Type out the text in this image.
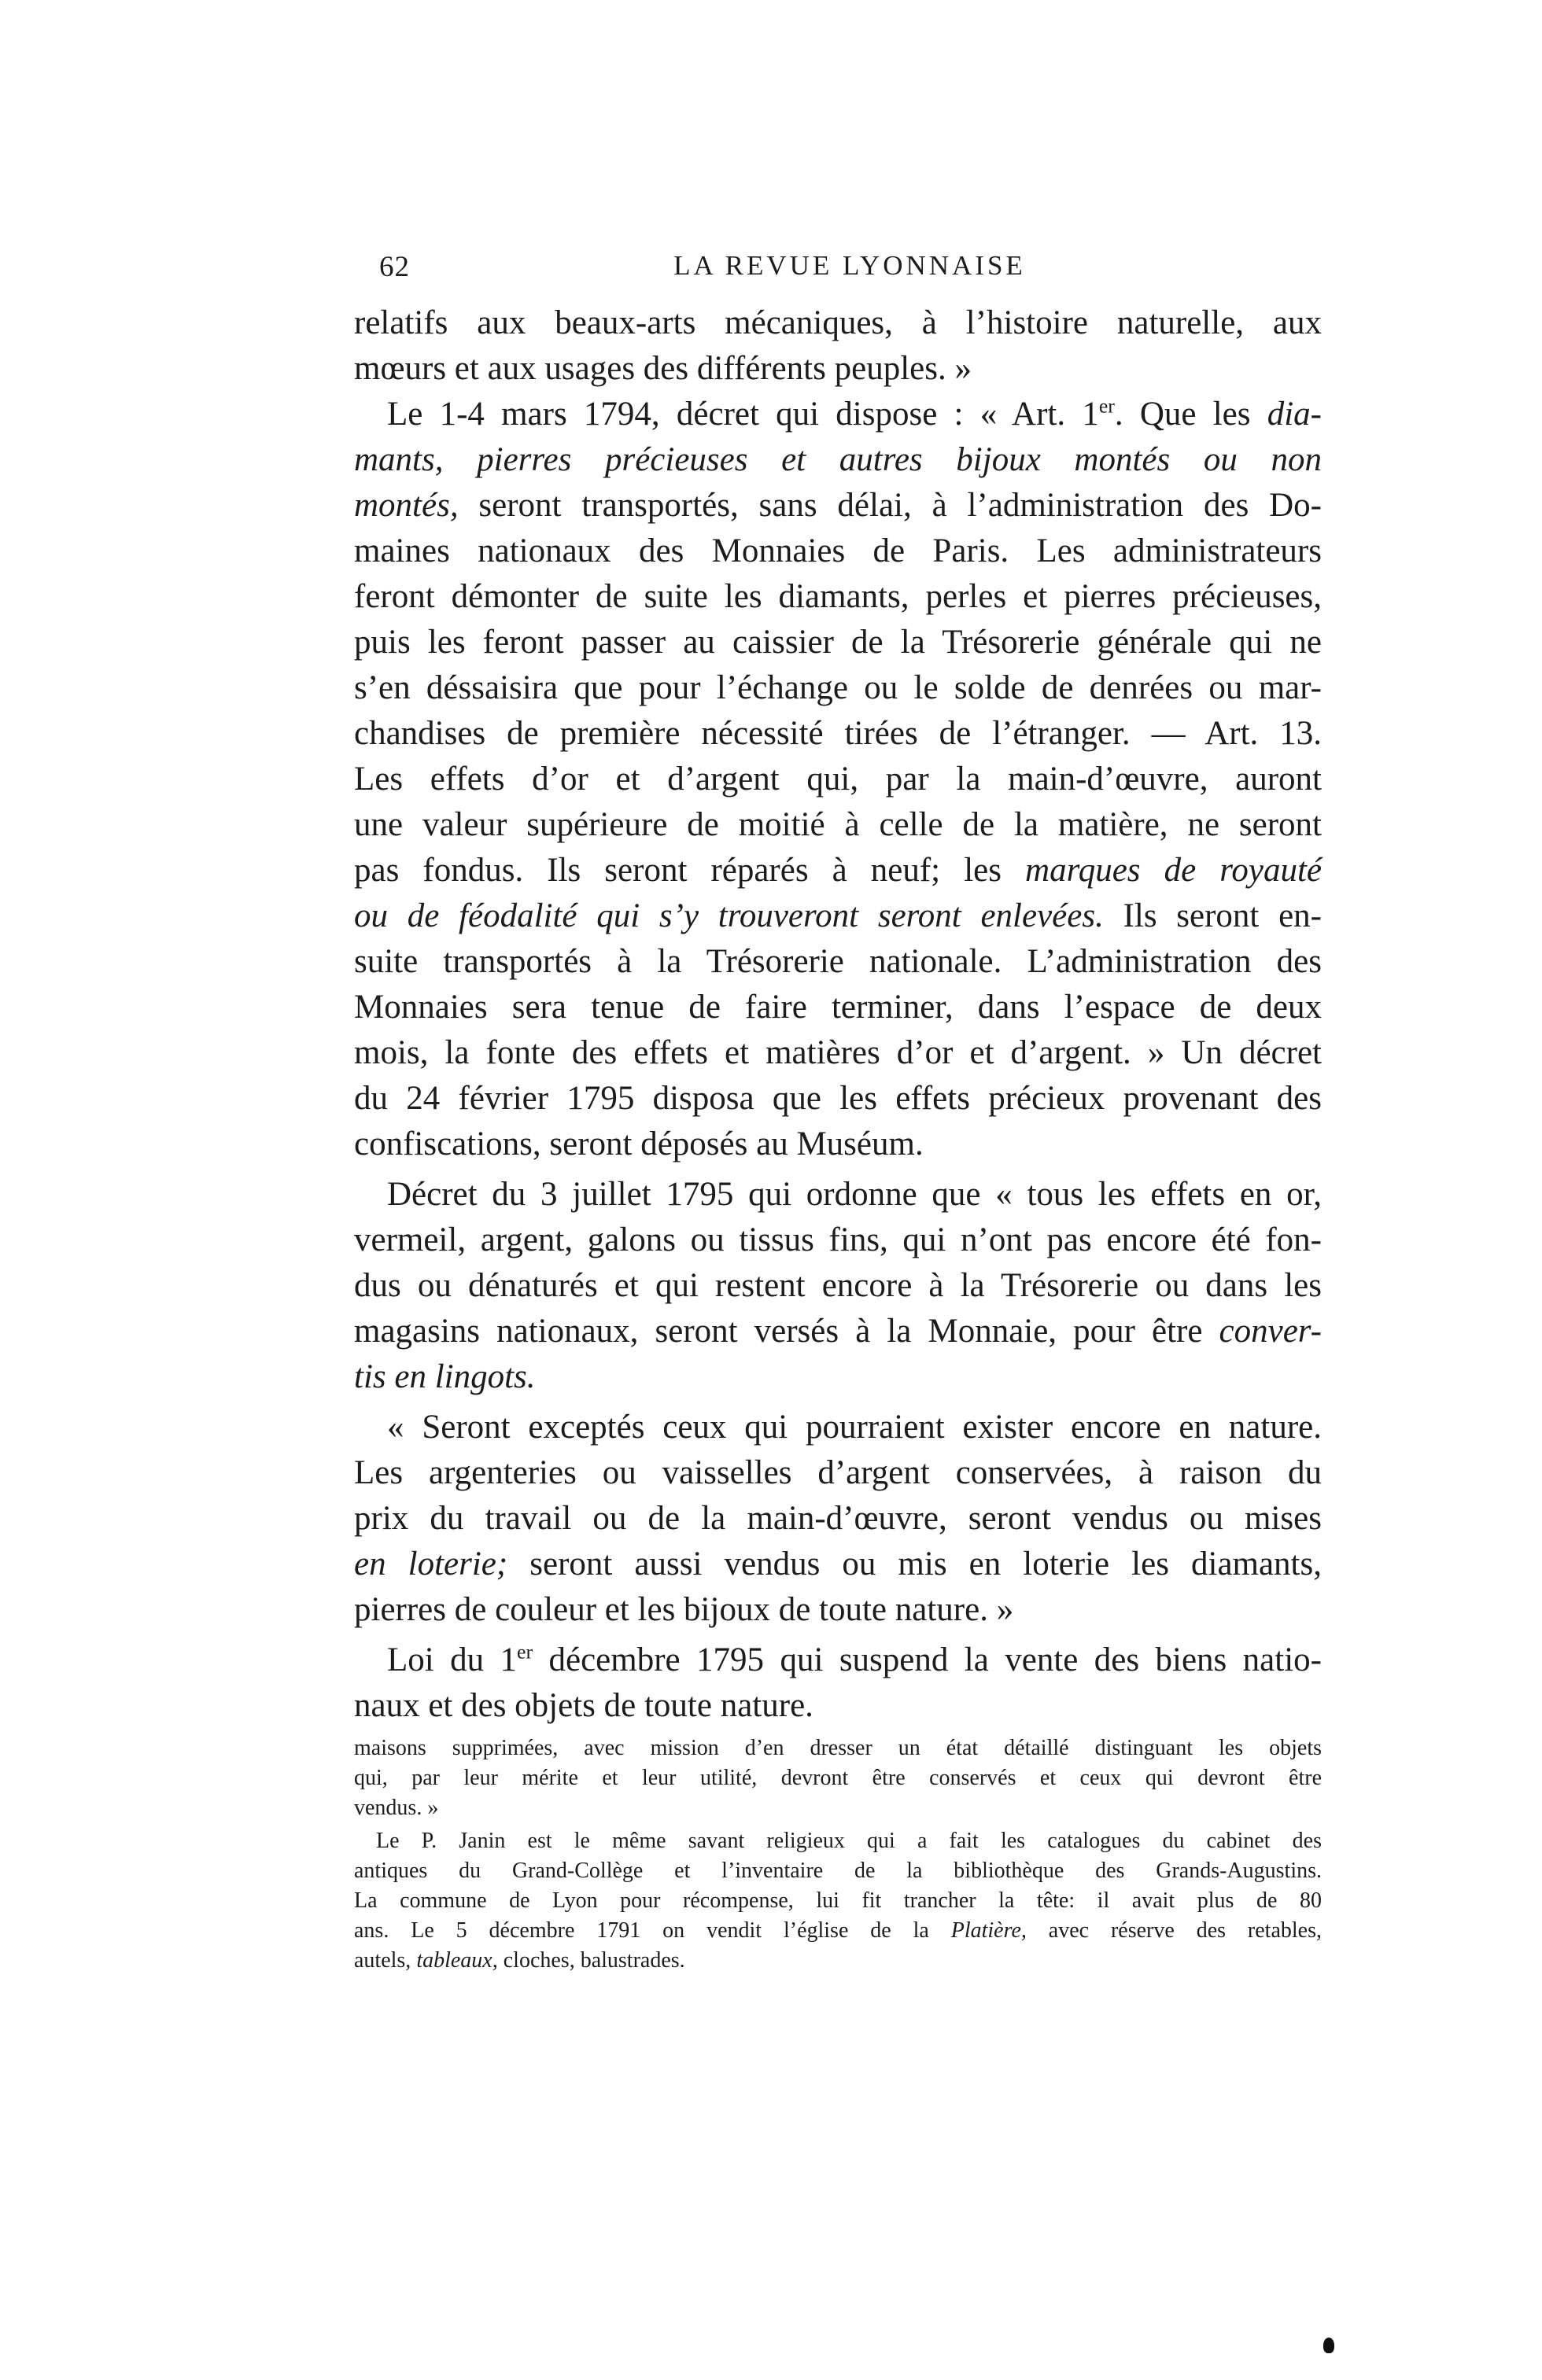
62	LA REVUE LYONNAISE
relatifs aux beaux-arts mécaniques, à l’histoire naturelle, aux
mœurs et aux usages des différents peuples. »
Le 1-4 mars 1794, décret qui dispose : « Art. 1er. Que les dia-
mants, pierres précieuses et autres bijoux montés ou non
montés, seront transportés, sans délai, à l’administration des Do-
maines nationaux des Monnaies de Paris. Les administrateurs
feront démonter de suite les diamants, perles et pierres précieuses,
puis les feront passer au caissier de la Trésorerie générale qui ne
s’en déssaisira que pour l’échange ou le solde de denrées ou mar-
chandises de première nécessité tirées de l’étranger. — Art. 13.
Les effets d’or et d’argent qui, par la main-d’œuvre, auront
une valeur supérieure de moitié à celle de la matière, ne seront
pas fondus. Ils seront réparés à neuf; les marques de royauté
ou de féodalité qui s’y trouveront seront enlevées. Ils seront en-
suite transportés à la Trésorerie nationale. L’administration des
Monnaies sera tenue de faire terminer, dans l’espace de deux
mois, la fonte des effets et matières d’or et d’argent. » Un décret
du 24 février 1795 disposa que les effets précieux provenant des
confiscations, seront déposés au Muséum.
Décret du 3 juillet 1795 qui ordonne que « tous les effets en or,
vermeil, argent, galons ou tissus fins, qui n’ont pas encore été fon-
dus ou dénaturés et qui restent encore à la Trésorerie ou dans les
magasins nationaux, seront versés à la Monnaie, pour être conver-
tis en lingots.
« Seront exceptés ceux qui pourraient exister encore en nature.
Les argenteries ou vaisselles d’argent conservées, à raison du
prix du travail ou de la main-d’œuvre, seront vendus ou mises
en loterie; seront aussi vendus ou mis en loterie les diamants,
pierres de couleur et les bijoux de toute nature. »
Loi du 1er décembre 1795 qui suspend la vente des biens natio-
naux et des objets de toute nature.
maisons supprimées, avec mission d’en dresser un état détaillé distinguant les objets
qui, par leur mérite et leur utilité, devront être conservés et ceux qui devront être
vendus. »
Le P. Janin est le même savant religieux qui a fait les catalogues du cabinet des
antiques du Grand-Collège et l’inventaire de la bibliothèque des Grands-Augustins.
La commune de Lyon pour récompense, lui fit trancher la tête: il avait plus de 80
ans. Le 5 décembre 1791 on vendit l’église de la Platière, avec réserve des retables,
autels, tableaux, cloches, balustrades.
